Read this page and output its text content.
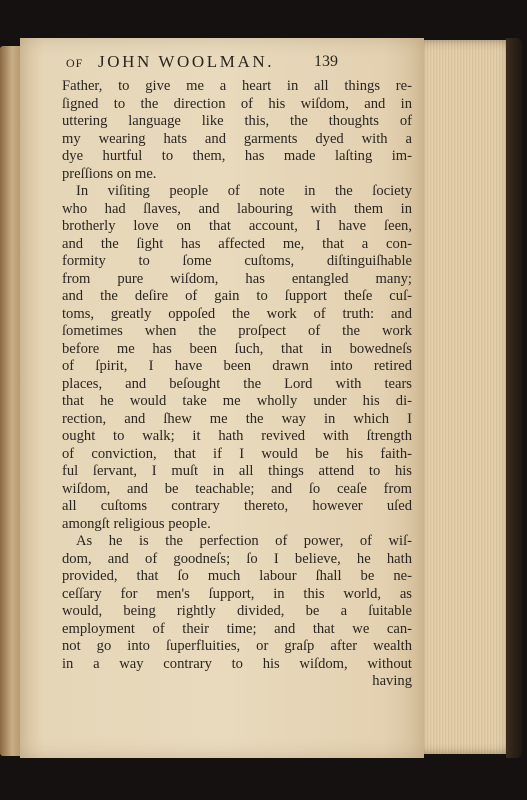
OF JOHN WOOLMAN. 139
Father, to give me a heart in all things re-
ſigned to the direction of his wiſdom, and in
uttering language like this, the thoughts of
my wearing hats and garments dyed with a
dye hurtful to them, has made laſting im-
preſſions on me.
In viſiting people of note in the ſociety
who had ſlaves, and labouring with them in
brotherly love on that account, I have ſeen,
and the ſight has affected me, that a con-
formity to ſome cuſtoms, diſtinguiſhable
from pure wiſdom, has entangled many;
and the deſire of gain to ſupport theſe cuſ-
toms, greatly oppoſed the work of truth: and
ſometimes when the proſpect of the work
before me has been ſuch, that in bowedneſs
of ſpirit, I have been drawn into retired
places, and beſought the Lord with tears
that he would take me wholly under his di-
rection, and ſhew me the way in which I
ought to walk; it hath revived with ſtrength
of conviction, that if I would be his faith-
ful ſervant, I muſt in all things attend to his
wiſdom, and be teachable; and ſo ceaſe from
all cuſtoms contrary thereto, however uſed
amongſt religious people.
As he is the perfection of power, of wiſ-
dom, and of goodneſs; ſo I believe, he hath
provided, that ſo much labour ſhall be ne-
ceſſary for men's ſupport, in this world, as
would, being rightly divided, be a ſuitable
employment of their time; and that we can-
not go into ſuperfluities, or graſp after wealth
in a way contrary to his wiſdom, without
having
